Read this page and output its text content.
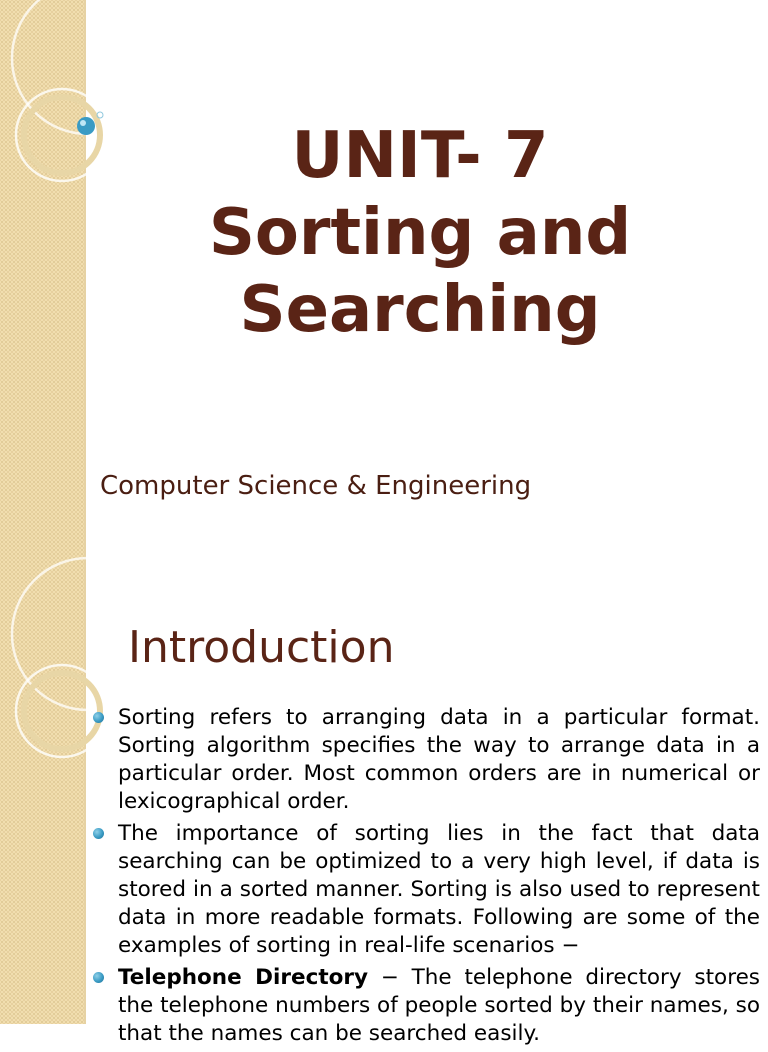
UNIT- 7
Sorting and
Searching
Computer Science & Engineering
Introduction
Sorting refers to arranging data in a particular format. Sorting algorithm specifies the way to arrange data in a particular order. Most common orders are in numerical or lexicographical order.
The importance of sorting lies in the fact that data searching can be optimized to a very high level, if data is stored in a sorted manner. Sorting is also used to represent data in more readable formats. Following are some of the examples of sorting in real-life scenarios −
Telephone Directory − The telephone directory stores the telephone numbers of people sorted by their names, so that the names can be searched easily.
